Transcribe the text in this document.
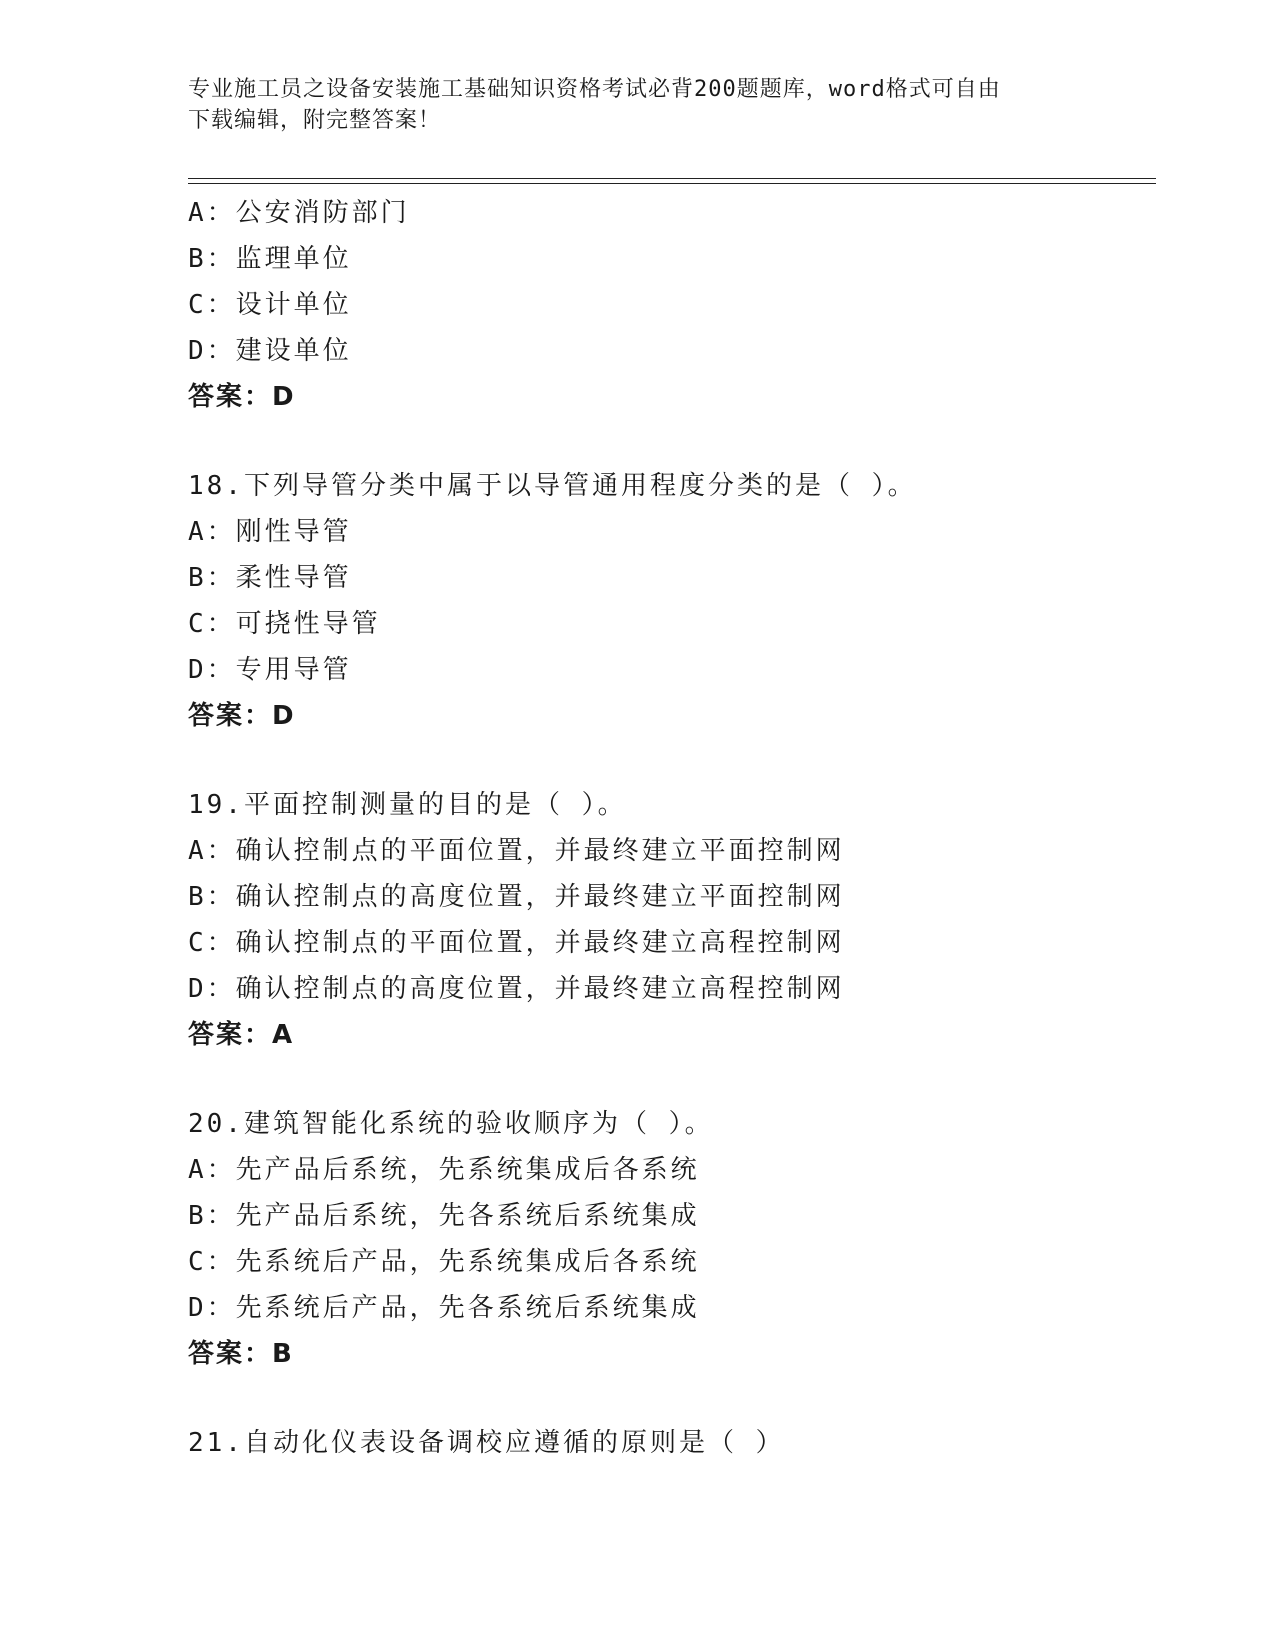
专业施工员之设备安装施工基础知识资格考试必背200题题库，word格式可自由
下载编辑，附完整答案！
A：公安消防部门
B：监理单位
C：设计单位
D：建设单位
答案：D
18.下列导管分类中属于以导管通用程度分类的是（ ）。
A：刚性导管
B：柔性导管
C：可挠性导管
D：专用导管
答案：D
19.平面控制测量的目的是（ ）。
A：确认控制点的平面位置，并最终建立平面控制网
B：确认控制点的高度位置，并最终建立平面控制网
C：确认控制点的平面位置，并最终建立高程控制网
D：确认控制点的高度位置，并最终建立高程控制网
答案：A
20.建筑智能化系统的验收顺序为（ ）。
A：先产品后系统，先系统集成后各系统
B：先产品后系统，先各系统后系统集成
C：先系统后产品，先系统集成后各系统
D：先系统后产品，先各系统后系统集成
答案：B
21.自动化仪表设备调校应遵循的原则是（ ）
